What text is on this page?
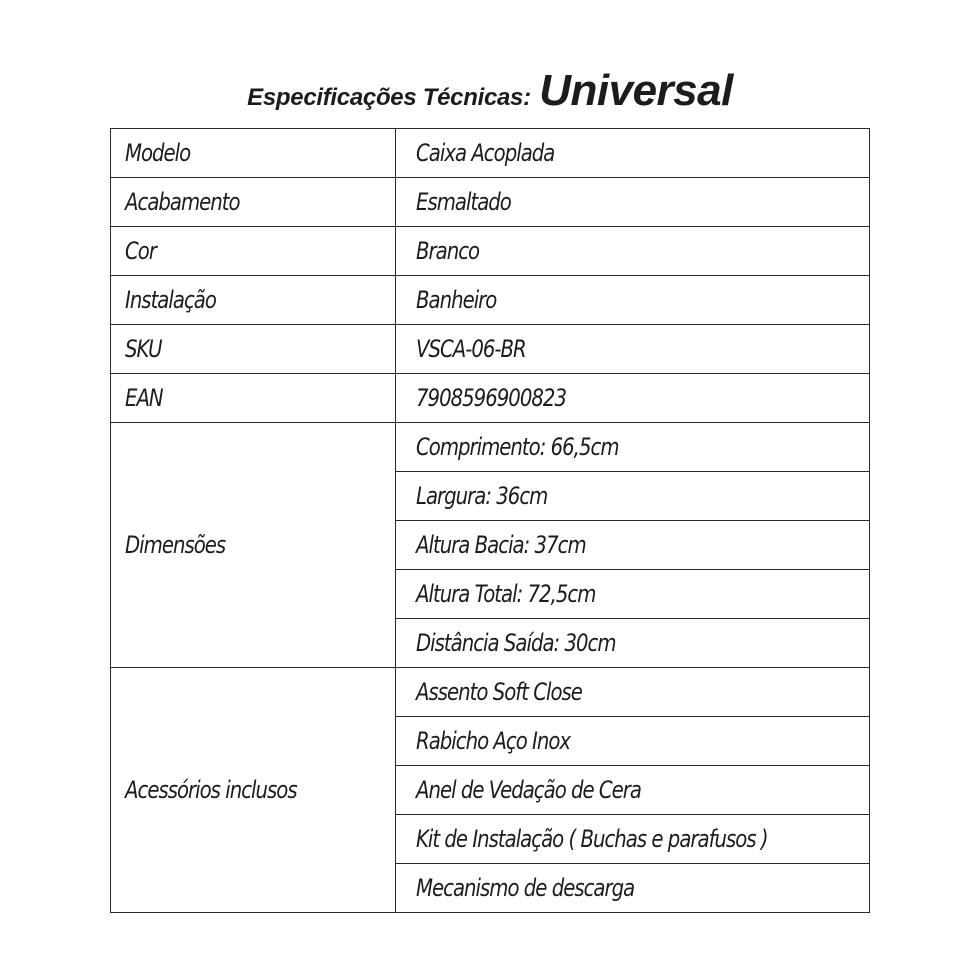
Especificações Técnicas: Universal
Modelo	Caixa Acoplada
Acabamento	Esmaltado
Cor	Branco
Instalação	Banheiro
SKU	VSCA-06-BR
EAN	7908596900823
Dimensões	Comprimento: 66,5cm
	Largura: 36cm
	Altura Bacia: 37cm
	Altura Total: 72,5cm
	Distância Saída: 30cm
Acessórios inclusos	Assento Soft Close
	Rabicho Aço Inox
	Anel de Vedação de Cera
	Kit de Instalação ( Buchas e parafusos )
	Mecanismo de descarga
